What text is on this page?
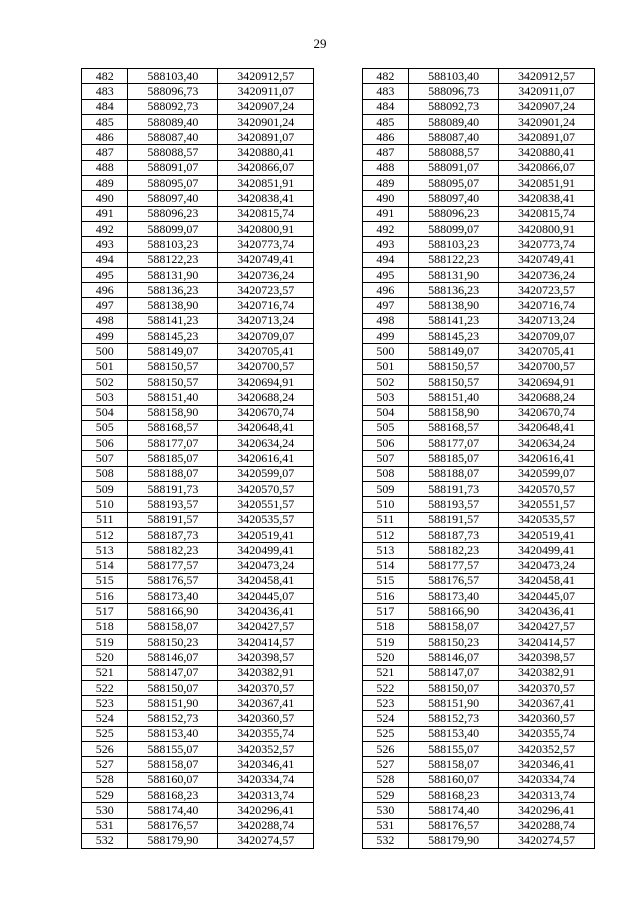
29
482	588103,40	3420912,57		482	588103,40	3420912,57
483	588096,73	3420911,07		483	588096,73	3420911,07
484	588092,73	3420907,24		484	588092,73	3420907,24
485	588089,40	3420901,24		485	588089,40	3420901,24
486	588087,40	3420891,07		486	588087,40	3420891,07
487	588088,57	3420880,41		487	588088,57	3420880,41
488	588091,07	3420866,07		488	588091,07	3420866,07
489	588095,07	3420851,91		489	588095,07	3420851,91
490	588097,40	3420838,41		490	588097,40	3420838,41
491	588096,23	3420815,74		491	588096,23	3420815,74
492	588099,07	3420800,91		492	588099,07	3420800,91
493	588103,23	3420773,74		493	588103,23	3420773,74
494	588122,23	3420749,41		494	588122,23	3420749,41
495	588131,90	3420736,24		495	588131,90	3420736,24
496	588136,23	3420723,57		496	588136,23	3420723,57
497	588138,90	3420716,74		497	588138,90	3420716,74
498	588141,23	3420713,24		498	588141,23	3420713,24
499	588145,23	3420709,07		499	588145,23	3420709,07
500	588149,07	3420705,41		500	588149,07	3420705,41
501	588150,57	3420700,57		501	588150,57	3420700,57
502	588150,57	3420694,91		502	588150,57	3420694,91
503	588151,40	3420688,24		503	588151,40	3420688,24
504	588158,90	3420670,74		504	588158,90	3420670,74
505	588168,57	3420648,41		505	588168,57	3420648,41
506	588177,07	3420634,24		506	588177,07	3420634,24
507	588185,07	3420616,41		507	588185,07	3420616,41
508	588188,07	3420599,07		508	588188,07	3420599,07
509	588191,73	3420570,57		509	588191,73	3420570,57
510	588193,57	3420551,57		510	588193,57	3420551,57
511	588191,57	3420535,57		511	588191,57	3420535,57
512	588187,73	3420519,41		512	588187,73	3420519,41
513	588182,23	3420499,41		513	588182,23	3420499,41
514	588177,57	3420473,24		514	588177,57	3420473,24
515	588176,57	3420458,41		515	588176,57	3420458,41
516	588173,40	3420445,07		516	588173,40	3420445,07
517	588166,90	3420436,41		517	588166,90	3420436,41
518	588158,07	3420427,57		518	588158,07	3420427,57
519	588150,23	3420414,57		519	588150,23	3420414,57
520	588146,07	3420398,57		520	588146,07	3420398,57
521	588147,07	3420382,91		521	588147,07	3420382,91
522	588150,07	3420370,57		522	588150,07	3420370,57
523	588151,90	3420367,41		523	588151,90	3420367,41
524	588152,73	3420360,57		524	588152,73	3420360,57
525	588153,40	3420355,74		525	588153,40	3420355,74
526	588155,07	3420352,57		526	588155,07	3420352,57
527	588158,07	3420346,41		527	588158,07	3420346,41
528	588160,07	3420334,74		528	588160,07	3420334,74
529	588168,23	3420313,74		529	588168,23	3420313,74
530	588174,40	3420296,41		530	588174,40	3420296,41
531	588176,57	3420288,74		531	588176,57	3420288,74
532	588179,90	3420274,57		532	588179,90	3420274,57
